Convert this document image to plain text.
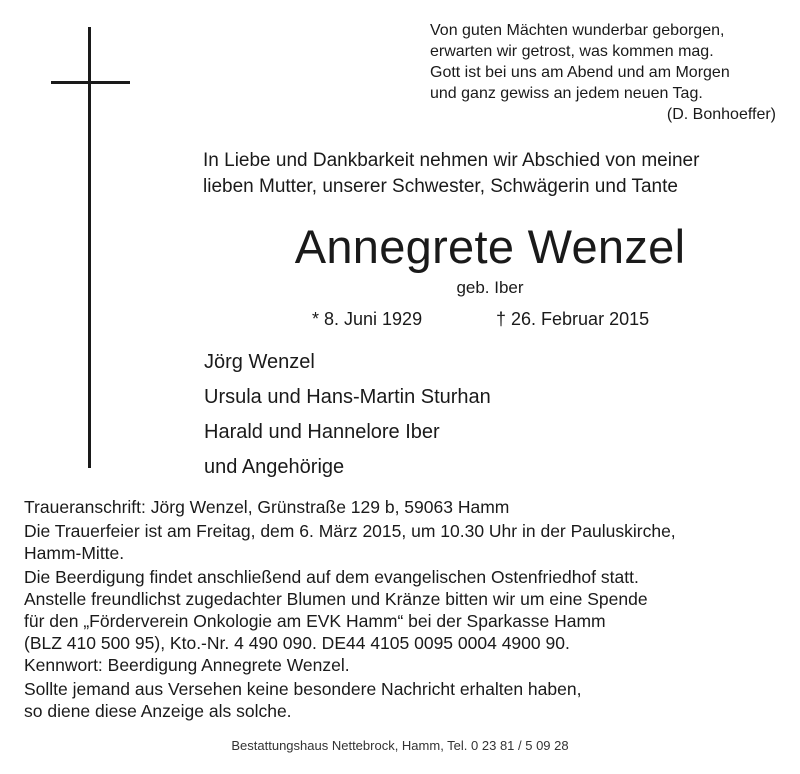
Von guten Mächten wunderbar geborgen,
erwarten wir getrost, was kommen mag.
Gott ist bei uns am Abend und am Morgen
und ganz gewiss an jedem neuen Tag.
(D. Bonhoeffer)
In Liebe und Dankbarkeit nehmen wir Abschied von meiner
lieben Mutter, unserer Schwester, Schwägerin und Tante
Annegrete Wenzel
geb. Iber
* 8. Juni 1929	† 26. Februar 2015
Jörg Wenzel
Ursula und Hans-Martin Sturhan
Harald und Hannelore Iber
und Angehörige
Traueranschrift: Jörg Wenzel, Grünstraße 129 b, 59063 Hamm
Die Trauerfeier ist am Freitag, dem 6. März 2015, um 10.30 Uhr in der Pauluskirche,
Hamm-Mitte.
Die Beerdigung findet anschließend auf dem evangelischen Ostenfriedhof statt.
Anstelle freundlichst zugedachter Blumen und Kränze bitten wir um eine Spende
für den „Förderverein Onkologie am EVK Hamm“ bei der Sparkasse Hamm
(BLZ 410 500 95), Kto.-Nr. 4 490 090. DE44 4105 0095 0004 4900 90.
Kennwort: Beerdigung Annegrete Wenzel.
Sollte jemand aus Versehen keine besondere Nachricht erhalten haben,
so diene diese Anzeige als solche.
Bestattungshaus Nettebrock, Hamm, Tel. 0 23 81 / 5 09 28
